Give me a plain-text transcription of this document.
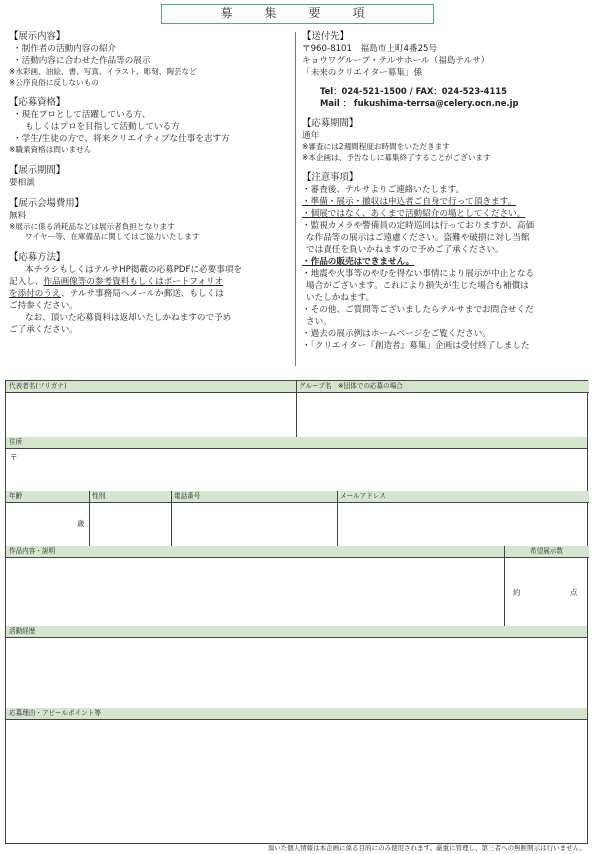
募　集　要　項
【展示内容】
・制作者の活動内容の紹介
・活動内容に合わせた作品等の展示
※水彩画、油絵、書、写真、イラスト、彫刻、陶芸など
※公序良俗に反しないもの
【応募資格】
・現在プロとして活躍している方、
もしくはプロを目指して活動している方
・学生/生徒の方で、将来クリエイティブな仕事を志す方
※職業資格は問いません
【展示期間】
要相談
【展示会場費用】
無料
※展示に係る消耗品などは展示者負担となります
ワイヤー等、在庫備品に関してはご協力いたします
【応募方法】
本チラシもしくはテルサHP掲載の応募PDFに必要事項を
記入し、作品画像等の参考資料もしくはポートフォリオ
を添付のうえ、テルサ事務局へメールか郵送、もしくは
ご持参ください。
なお、頂いた応募資料は返却いたしかねますので予め
ご了承ください。
【送付先】
〒960-8101　福島市上町4番25号
キョウワグループ・テルサホール（福島テルサ）
「未来のクリエイター募集」係
Tel：024-521-1500 / FAX：024-523-4115
Mail ： fukushima-terrsa@celery.ocn.ne.jp
【応募期間】
通年
※審査には2週間程度お時間をいただきます
※本企画は、予告なしに募集終了することがございます
【注意事項】
・審査後、テルサよりご連絡いたします。
・準備・展示・撤収は申込者ご自身で行って頂きます。
・個展ではなく、あくまで活動紹介の場としてください。
・監視カメラや警備員の定時巡回は行っておりますが、高価
な作品等の展示はご遠慮ください。盗難や破損に対し当館
では責任を負いかねますので予めご了承ください。
・作品の販売はできません。
・地震や火事等のやむを得ない事情により展示が中止となる
場合がございます。これにより損失が生じた場合も補償は
いたしかねます。
・その他、ご質問等ございましたらテルサまでお問合せくだ
さい。
・過去の展示例はホームページをご覧ください。
・「クリエイター『創造者』募集」企画は受付終了しました
代表者名(フリガナ)	グループ名　※団体での応募の場合
住所
〒
年齢	性別	電話番号	メールアドレス
歳
作品内容・説明	希望展示数
約	点
活動経歴
応募理由・アピールポイント等
頂いた個人情報は本企画に係る目的にのみ使用されます。厳重に管理し、第三者への無断開示は行いません。
